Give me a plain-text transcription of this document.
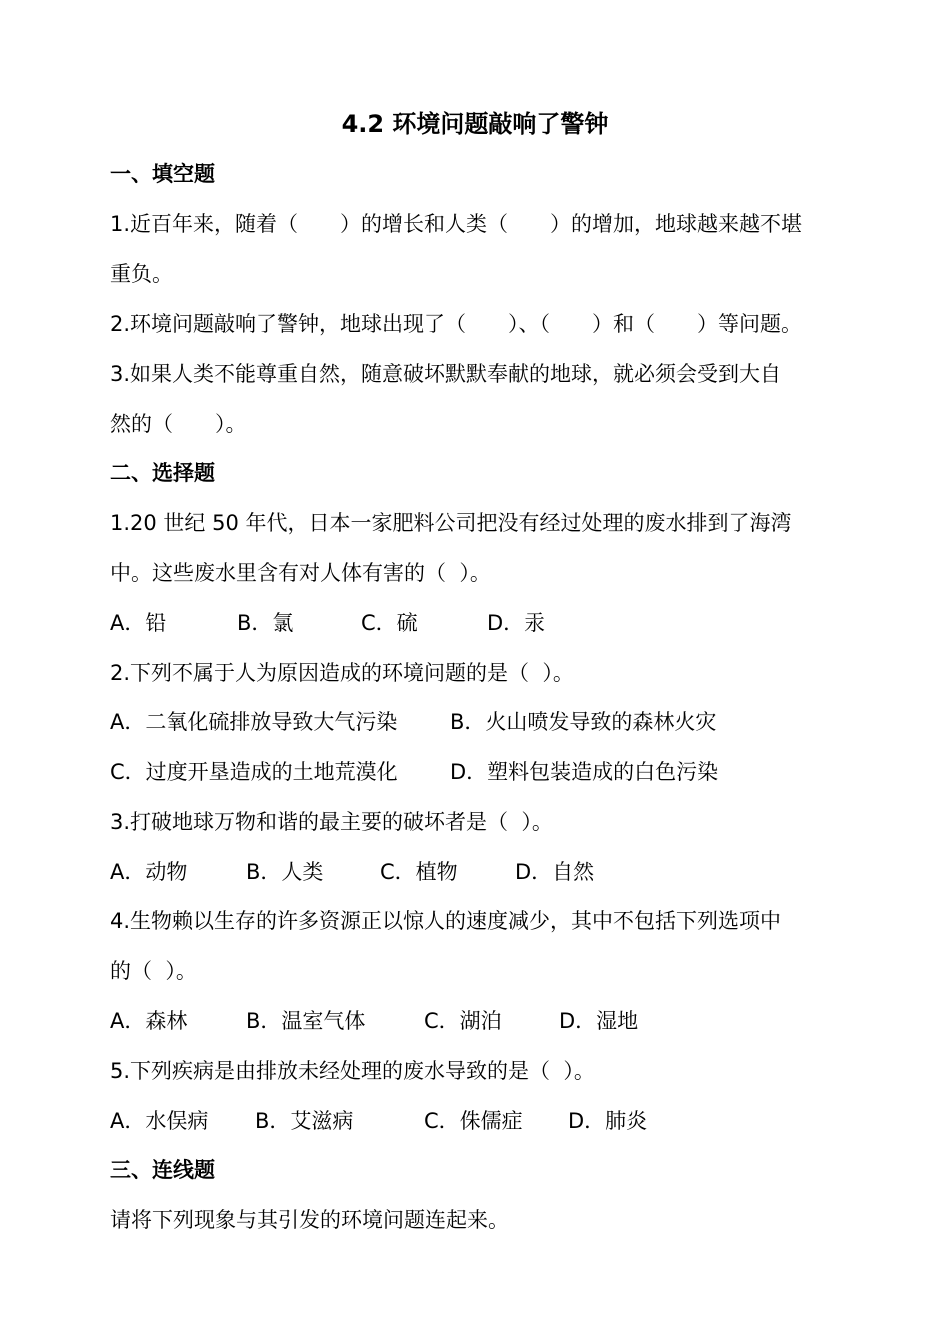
4.2 环境问题敲响了警钟
一、填空题
1.近百年来，随着（　　）的增长和人类（　　）的增加，地球越来越不堪
重负。
2.环境问题敲响了警钟，地球出现了（　　）、（　　）和（　　）等问题。
3.如果人类不能尊重自然，随意破坏默默奉献的地球，就必须会受到大自
然的（　　）。
二、选择题
1.20 世纪 50 年代，日本一家肥料公司把没有经过处理的废水排到了海湾
中。这些废水里含有对人体有害的（  ）。

A．铅

	B．氯

	C．硫

	D．汞

2.下列不属于人为原因造成的环境问题的是（  ）。

A．二氧化硫排放导致大气污染

	B．火山喷发导致的森林火灾

C．过度开垦造成的土地荒漠化

D．塑料包装造成的白色污染

3.打破地球万物和谐的最主要的破坏者是（  ）。

A．动物

	B．人类

	C．植物

	D．自然

4.生物赖以生存的许多资源正以惊人的速度减少，其中不包括下列选项中
的（  ）。

A．森林

	B．温室气体

	C．湖泊

	D．湿地

5.下列疾病是由排放未经处理的废水导致的是（  ）。

A．水俣病

B．艾滋病

	C．侏儒症

D．肺炎

三、连线题
请将下列现象与其引发的环境问题连起来。
